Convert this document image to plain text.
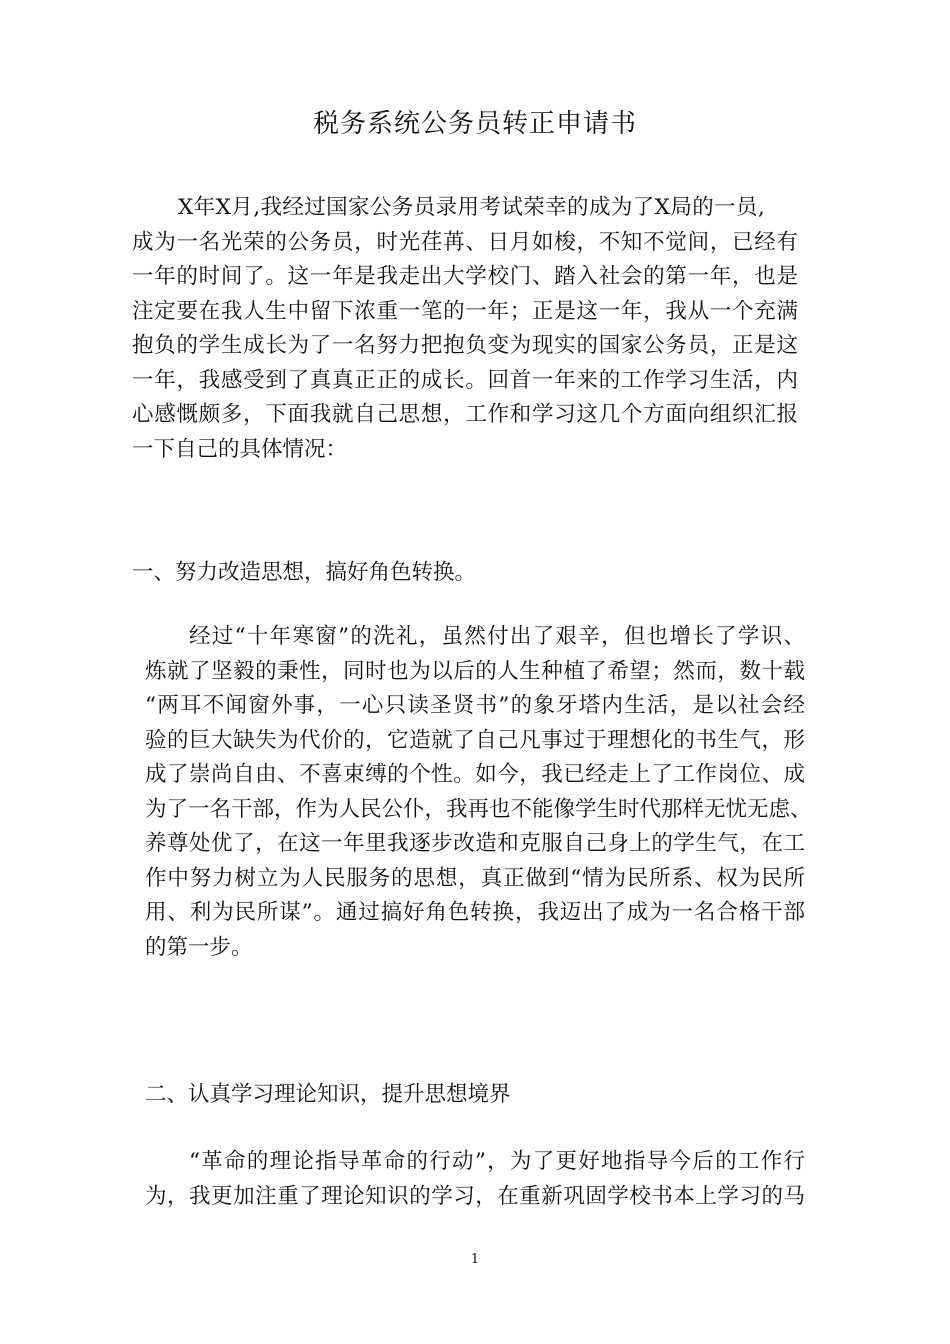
税务系统公务员转正申请书
X年X月,我经过国家公务员录用考试荣幸的成为了X局的一员,
成为一名光荣的公务员，时光荏苒、日月如梭，不知不觉间，已经有
一年的时间了。这一年是我走出大学校门、踏入社会的第一年，也是
注定要在我人生中留下浓重一笔的一年；正是这一年，我从一个充满
抱负的学生成长为了一名努力把抱负变为现实的国家公务员，正是这
一年，我感受到了真真正正的成长。回首一年来的工作学习生活，内
心感慨颇多，下面我就自己思想，工作和学习这几个方面向组织汇报
一下自己的具体情况：
一、努力改造思想，搞好角色转换。
经过“十年寒窗”的洗礼，虽然付出了艰辛，但也增长了学识、
炼就了坚毅的秉性，同时也为以后的人生种植了希望；然而，数十载
“两耳不闻窗外事，一心只读圣贤书”的象牙塔内生活，是以社会经
验的巨大缺失为代价的，它造就了自己凡事过于理想化的书生气，形
成了崇尚自由、不喜束缚的个性。如今，我已经走上了工作岗位、成
为了一名干部，作为人民公仆，我再也不能像学生时代那样无忧无虑、
养尊处优了，在这一年里我逐步改造和克服自己身上的学生气，在工
作中努力树立为人民服务的思想，真正做到“情为民所系、权为民所
用、利为民所谋”。通过搞好角色转换，我迈出了成为一名合格干部
的第一步。
二、认真学习理论知识，提升思想境界
“革命的理论指导革命的行动”，为了更好地指导今后的工作行
为，我更加注重了理论知识的学习，在重新巩固学校书本上学习的马
1
